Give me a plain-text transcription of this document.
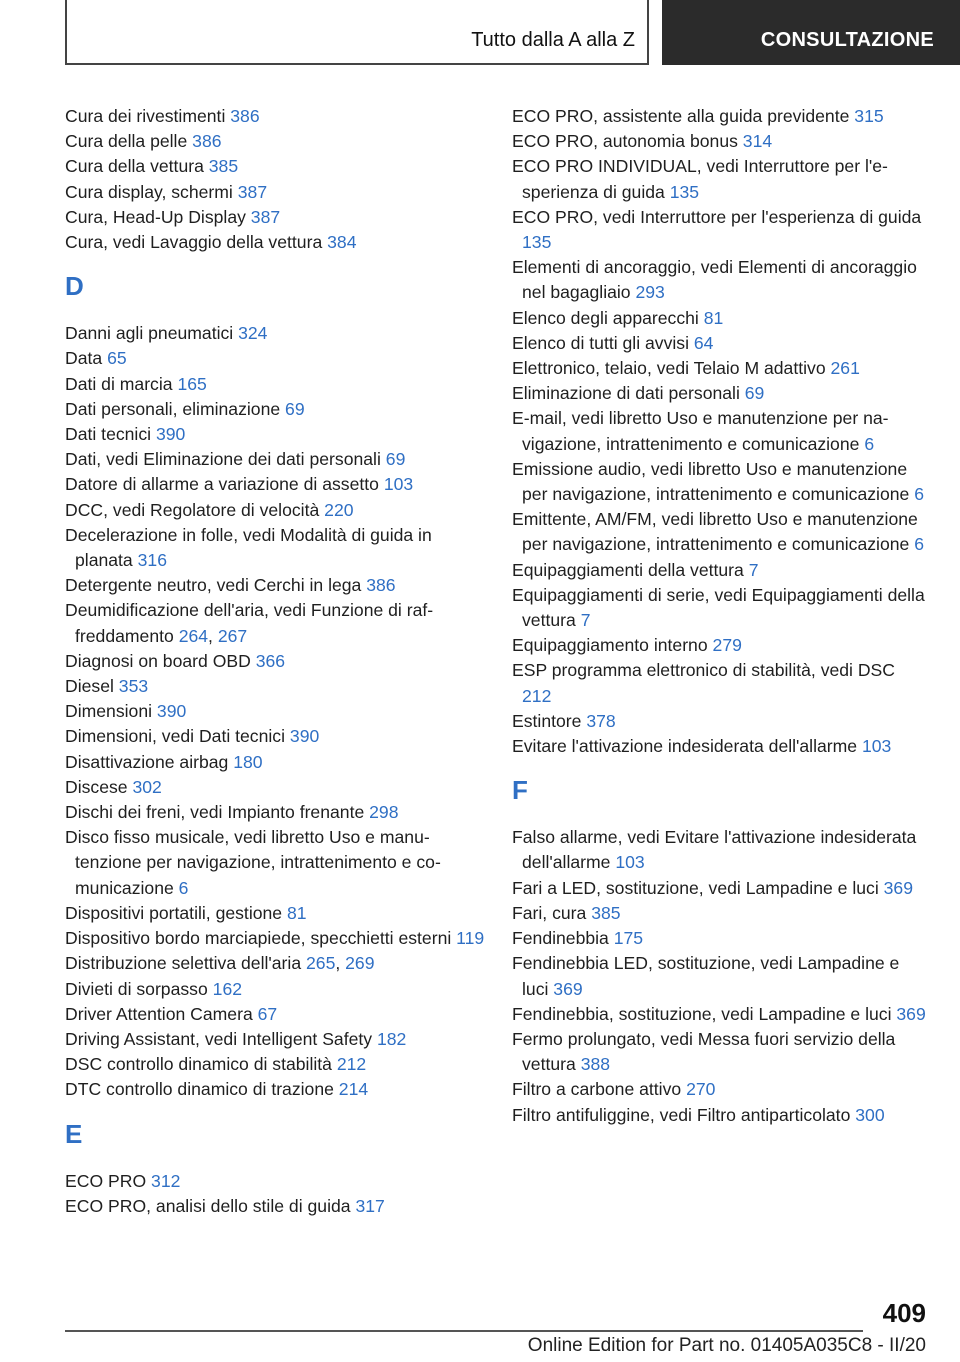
Tutto dalla A alla Z	CONSULTAZIONE
Cura dei rivestimenti 386
Cura della pelle 386
Cura della vettura 385
Cura display, schermi 387
Cura, Head-Up Display 387
Cura, vedi Lavaggio della vettura 384
D
Danni agli pneumatici 324
Data 65
Dati di marcia 165
Dati personali, eliminazione 69
Dati tecnici 390
Dati, vedi Eliminazione dei dati personali 69
Datore di allarme a variazione di assetto 103
DCC, vedi Regolatore di velocità 220
Decelerazione in folle, vedi Modalità di guida in planata 316
Detergente neutro, vedi Cerchi in lega 386
Deumidificazione dell'aria, vedi Funzione di raffreddamento 264, 267
Diagnosi on board OBD 366
Diesel 353
Dimensioni 390
Dimensioni, vedi Dati tecnici 390
Disattivazione airbag 180
Discese 302
Dischi dei freni, vedi Impianto frenante 298
Disco fisso musicale, vedi libretto Uso e manutenzione per navigazione, intrattenimento e comunicazione 6
Dispositivi portatili, gestione 81
Dispositivo bordo marciapiede, specchietti esterni 119
Distribuzione selettiva dell'aria 265, 269
Divieti di sorpasso 162
Driver Attention Camera 67
Driving Assistant, vedi Intelligent Safety 182
DSC controllo dinamico di stabilità 212
DTC controllo dinamico di trazione 214
E
ECO PRO 312
ECO PRO, analisi dello stile di guida 317
ECO PRO, assistente alla guida previdente 315
ECO PRO, autonomia bonus 314
ECO PRO INDIVIDUAL, vedi Interruttore per l'esperienza di guida 135
ECO PRO, vedi Interruttore per l'esperienza di guida 135
Elementi di ancoraggio, vedi Elementi di ancoraggio nel bagagliaio 293
Elenco degli apparecchi 81
Elenco di tutti gli avvisi 64
Elettronico, telaio, vedi Telaio M adattivo 261
Eliminazione di dati personali 69
E-mail, vedi libretto Uso e manutenzione per navigazione, intrattenimento e comunicazione 6
Emissione audio, vedi libretto Uso e manutenzione per navigazione, intrattenimento e comunicazione 6
Emittente, AM/FM, vedi libretto Uso e manutenzione per navigazione, intrattenimento e comunicazione 6
Equipaggiamenti della vettura 7
Equipaggiamenti di serie, vedi Equipaggiamenti della vettura 7
Equipaggiamento interno 279
ESP programma elettronico di stabilità, vedi DSC 212
Estintore 378
Evitare l'attivazione indesiderata dell'allarme 103
F
Falso allarme, vedi Evitare l'attivazione indesiderata dell'allarme 103
Fari a LED, sostituzione, vedi Lampadine e luci 369
Fari, cura 385
Fendinebbia 175
Fendinebbia LED, sostituzione, vedi Lampadine e luci 369
Fendinebbia, sostituzione, vedi Lampadine e luci 369
Fermo prolungato, vedi Messa fuori servizio della vettura 388
Filtro a carbone attivo 270
Filtro antifuliggine, vedi Filtro antiparticolato 300
409
Online Edition for Part no. 01405A035C8 - II/20
